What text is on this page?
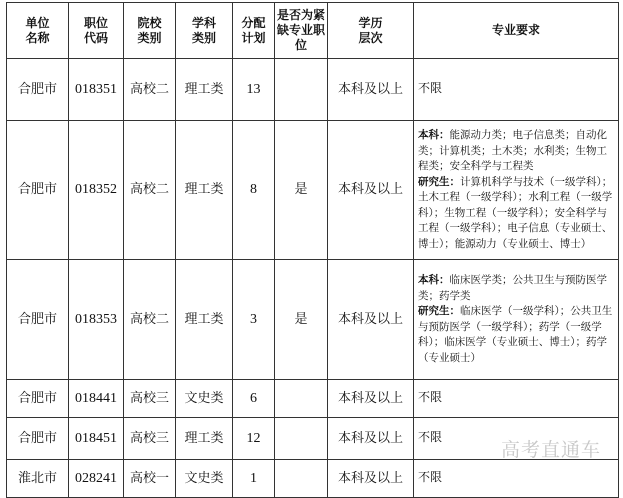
单位名称	职位代码	院校类别	学科类别	分配计划	是否为紧缺专业职位	学历层次	专业要求
合肥市	018351	高校二	理工类	13		本科及以上	不限

合肥市	018352	高校二	理工类	8	是	本科及以上	本科：能源动力类；电子信息类；自动化类；计算机类；土木类；水利类；生物工程类；安全科学与工程类
研究生：计算机科学与技术（一级学科）；土木工程（一级学科）；水利工程（一级学科）；生物工程（一级学科）；安全科学与工程（一级学科）；电子信息（专业硕士、博士）；能源动力（专业硕士、博士）

合肥市	018353	高校二	理工类	3	是	本科及以上	本科：临床医学类；公共卫生与预防医学类；药学类
研究生：临床医学（一级学科）；公共卫生与预防医学（一级学科）；药学（一级学科）；临床医学（专业硕士、博士）；药学（专业硕士）

合肥市	018441	高校三	文史类	6		本科及以上	不限

合肥市	018451	高校三	理工类	12		本科及以上	不限

淮北市	028241	高校一	文史类	1		本科及以上	不限
高考直通车
